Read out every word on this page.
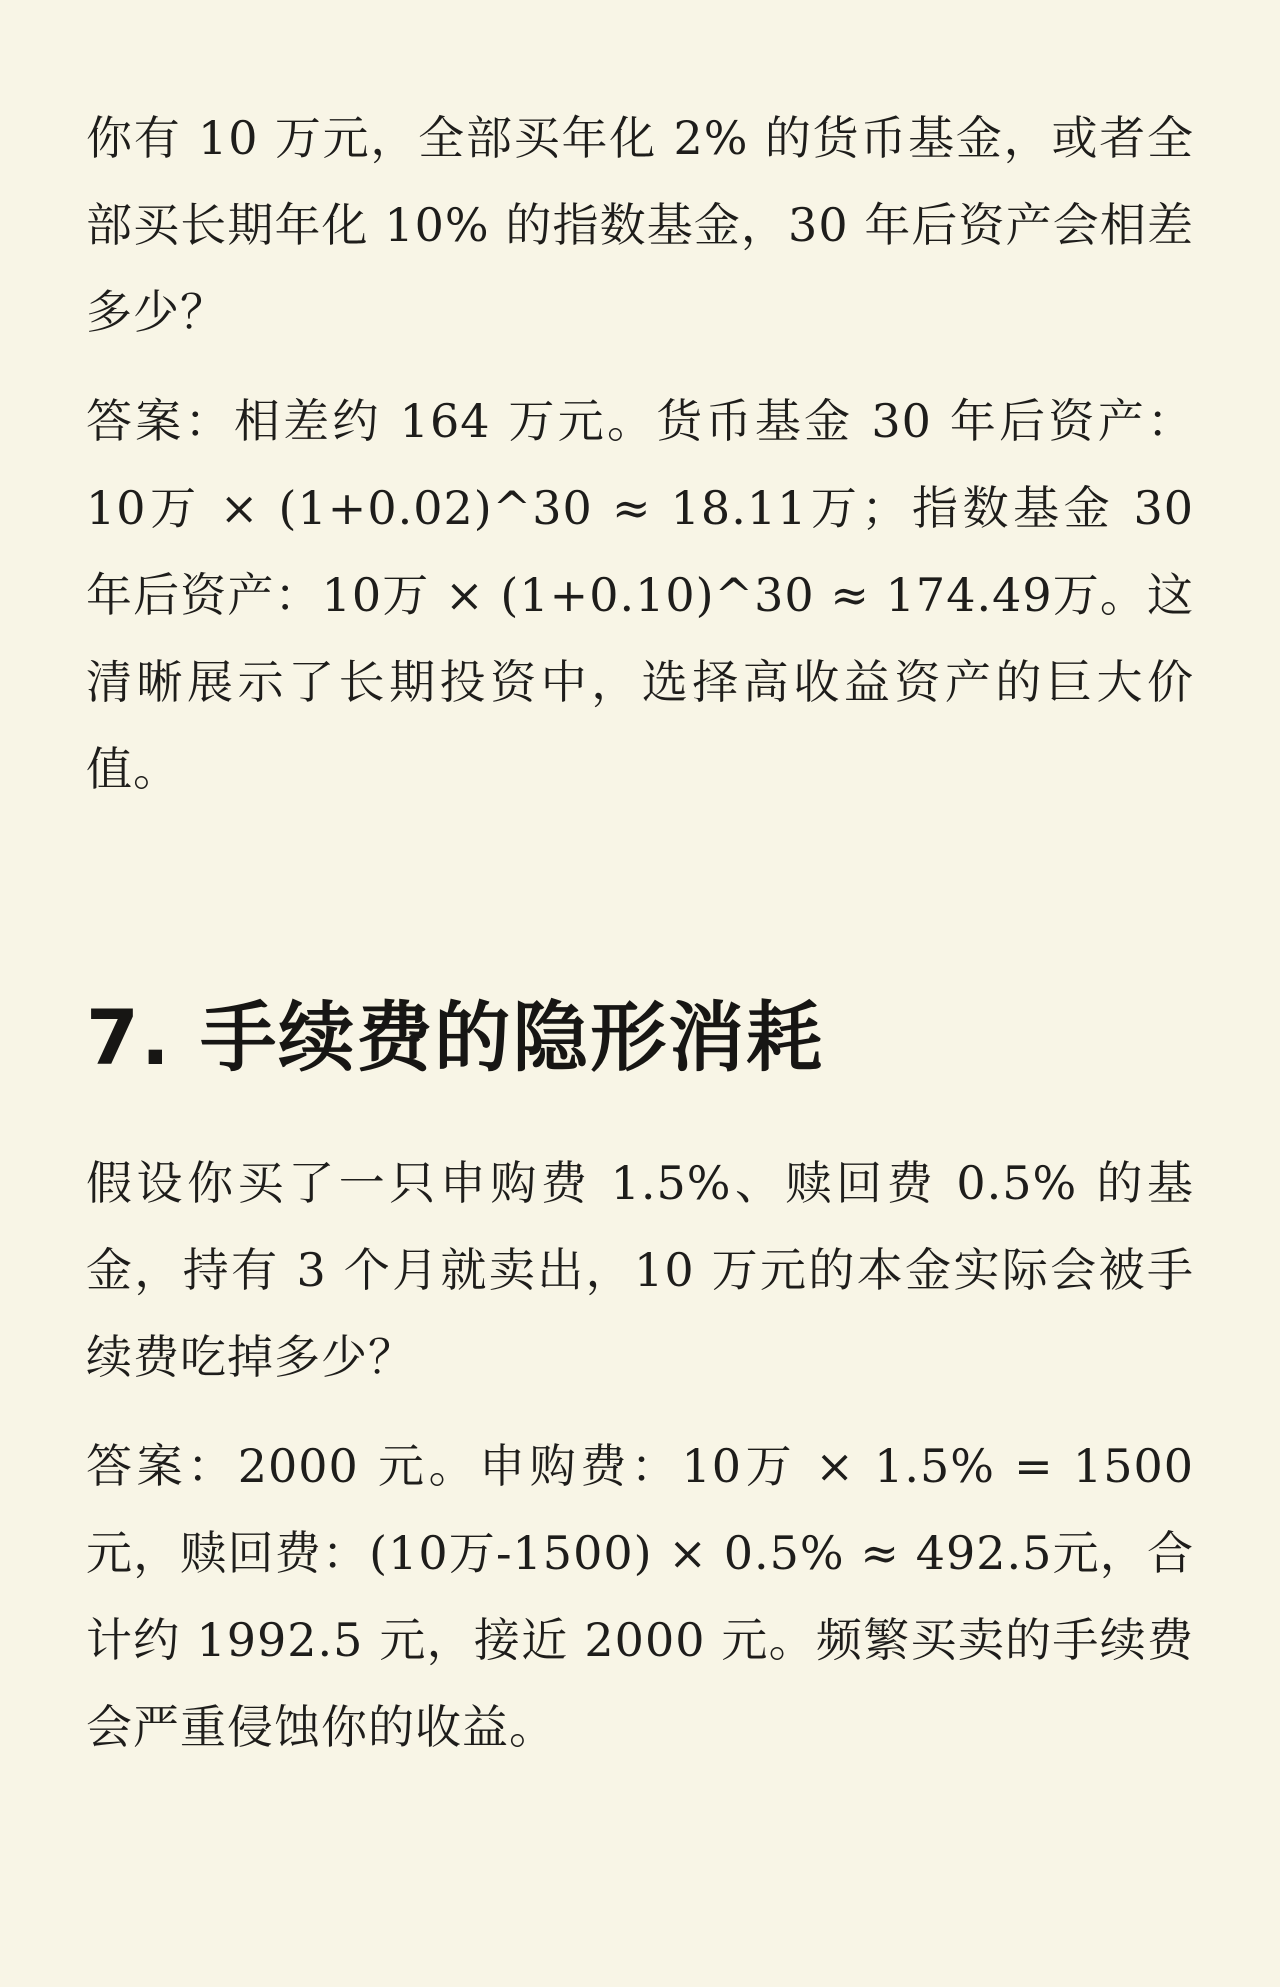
你有 10 万元，全部买年化 2% 的货币基金，或者全部买长期年化 10% 的指数基金，30 年后资产会相差多少？

答案：相差约 164 万元。货币基金 30 年后资产：10万 × (1+0.02)^30 ≈ 18.11万；指数基金 30 年后资产：10万 × (1+0.10)^30 ≈ 174.49万。这清晰展示了长期投资中，选择高收益资产的巨大价值。

7. 手续费的隐形消耗

假设你买了一只申购费 1.5%、赎回费 0.5% 的基金，持有 3 个月就卖出，10 万元的本金实际会被手续费吃掉多少？

答案：2000 元。申购费：10万 × 1.5% = 1500 元，赎回费：(10万-1500) × 0.5% ≈ 492.5元，合计约 1992.5 元，接近 2000 元。频繁买卖的手续费会严重侵蚀你的收益。
